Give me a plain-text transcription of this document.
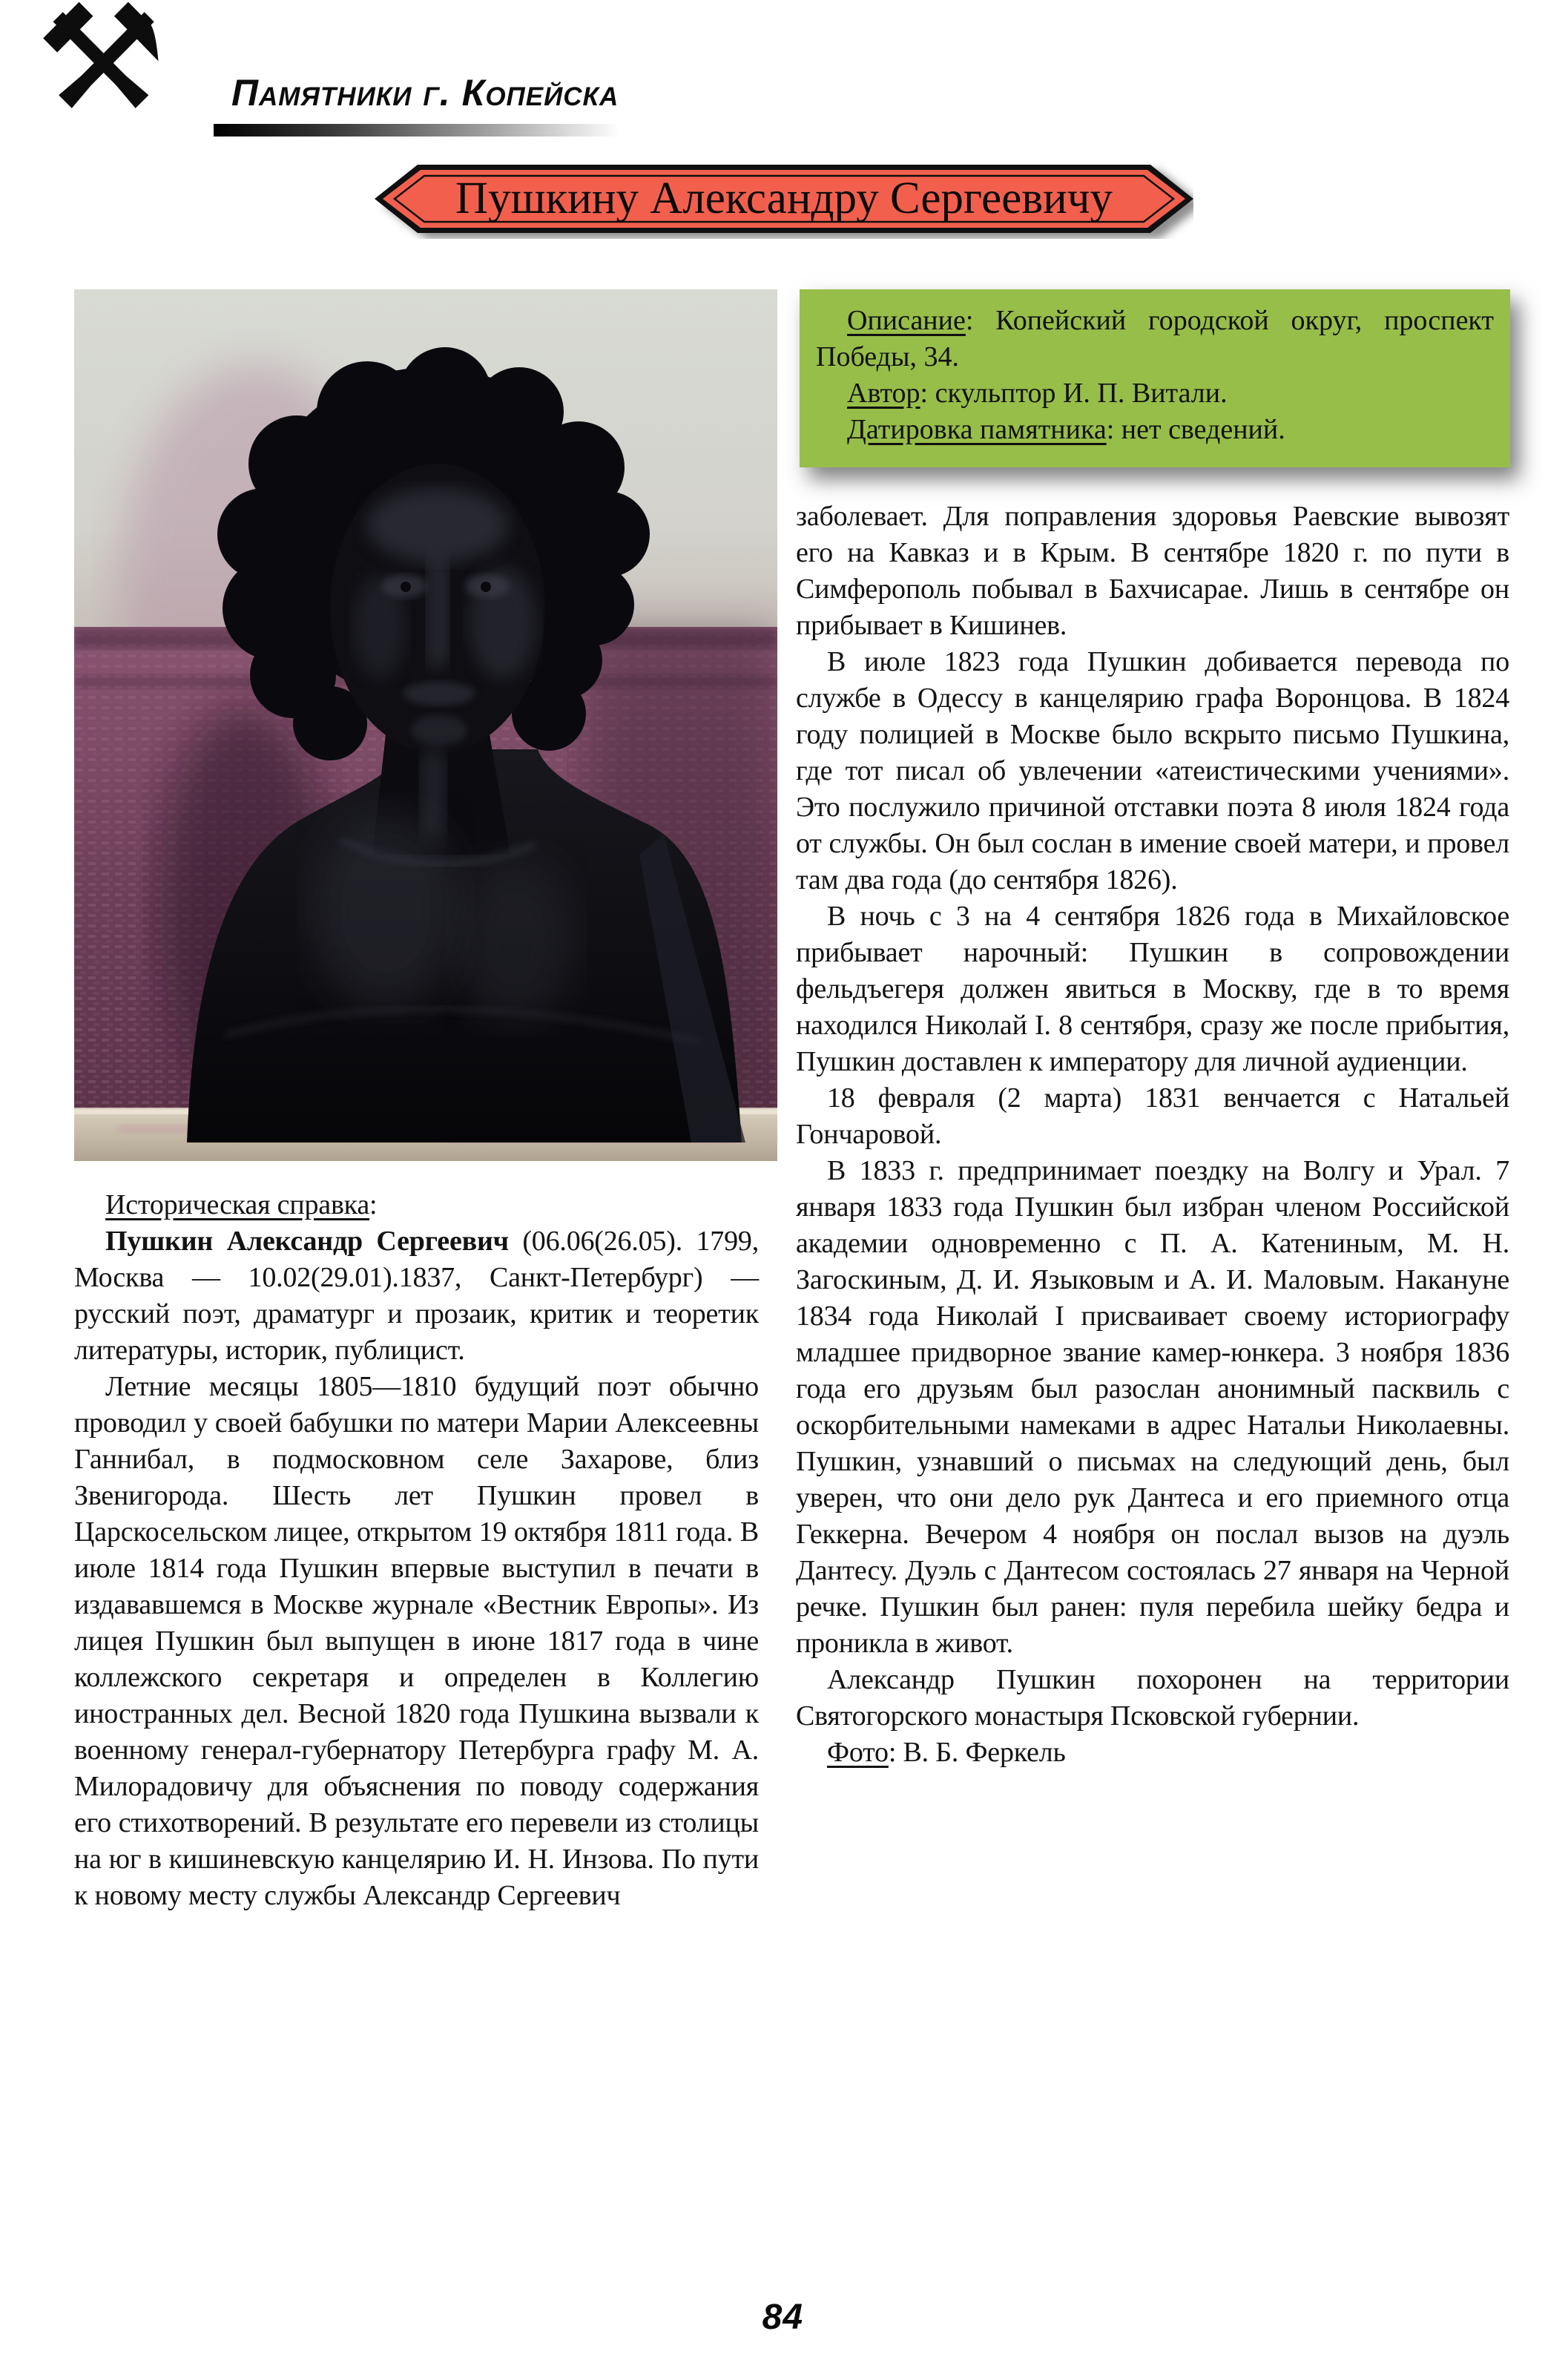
⚒ Памятники г. Копейска
Пушкину Александру Сергеевичу

Описание: Копейский городской округ, проспект Победы, 34.

Автор: скульптор И. П. Витали.

Датировка памятника: нет сведений.

заболевает. Для поправления здоровья Раевские вывозят его на Кавказ и в Крым. В сентябре 1820 г. по пути в Симферополь побывал в Бахчисарае. Лишь в сентябре он прибывает в Кишинев.

В июле 1823 года Пушкин добивается перевода по службе в Одессу в канцелярию графа Воронцова. В 1824 году полицией в Москве было вскрыто письмо Пушкина, где тот писал об увлечении «атеистическими учениями». Это послужило причиной отставки поэта 8 июля 1824 года от службы. Он был сослан в имение своей матери, и провел там два года (до сентября 1826).

В ночь с 3 на 4 сентября 1826 года в Михайловское прибывает нарочный: Пушкин в сопровождении фельдъегеря должен явиться в Москву, где в то время находился Николай I. 8 сентября, сразу же после прибытия, Пушкин доставлен к императору для личной аудиенции.

18 февраля (2 марта) 1831 венчается с Натальей Гончаровой.

В 1833 г. предпринимает поездку на Волгу и Урал. 7 января 1833 года Пушкин был избран членом Российской академии одновременно с П. А. Катениным, М. Н. Загоскиным, Д. И. Языковым и А. И. Маловым. Накануне 1834 года Николай I присваивает своему историографу младшее придворное звание камер-юнкера. 3 ноября 1836 года его друзьям был разослан анонимный пасквиль с оскорбительными намеками в адрес Натальи Николаевны. Пушкин, узнавший о письмах на следующий день, был уверен, что они дело рук Дантеса и его приемного отца Геккерна. Вечером 4 ноября он послал вызов на дуэль Дантесу. Дуэль с Дантесом состоялась 27 января на Черной речке. Пушкин был ранен: пуля перебила шейку бедра и проникла в живот.

Александр Пушкин похоронен на территории Святогорского монастыря Псковской губернии.

Фото: В. Б. Феркель

Историческая справка:

Пушкин Александр Сергеевич (06.06(26.05). 1799, Москва — 10.02(29.01).1837, Санкт-Петербург) — русский поэт, драматург и прозаик, критик и теоретик литературы, историк, публицист.

Летние месяцы 1805—1810 будущий поэт обычно проводил у своей бабушки по матери Марии Алексеевны Ганнибал, в подмосковном селе Захарове, близ Звенигорода. Шесть лет Пушкин провел в Царскосельском лицее, открытом 19 октября 1811 года. В июле 1814 года Пушкин впервые выступил в печати в издававшемся в Москве журнале «Вестник Европы». Из лицея Пушкин был выпущен в июне 1817 года в чине коллежского секретаря и определен в Коллегию иностранных дел. Весной 1820 года Пушкина вызвали к военному генерал-губернатору Петербурга графу М. А. Милорадовичу для объяснения по поводу содержания его стихотворений. В результате его перевели из столицы на юг в кишиневскую канцелярию И. Н. Инзова. По пути к новому месту службы Александр Сергеевич

84
